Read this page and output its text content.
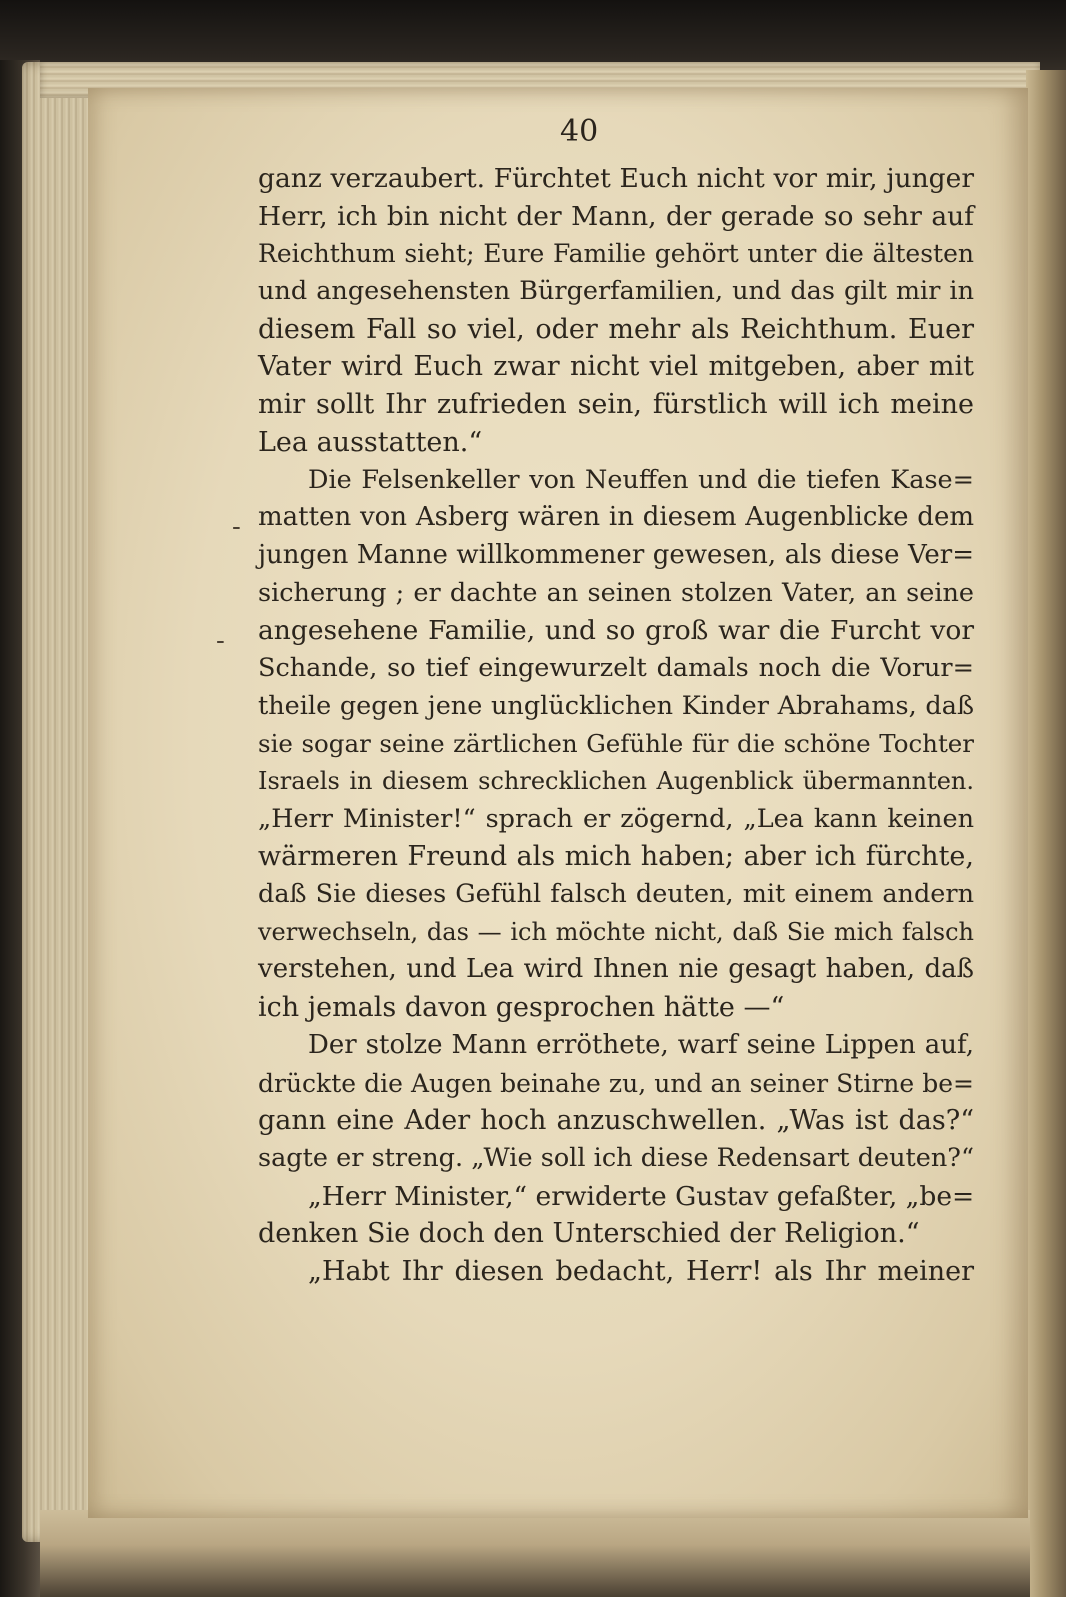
40
-
-
ganz verzaubert. Fürchtet Euch nicht vor mir, junger
Herr, ich bin nicht der Mann, der gerade so sehr auf
Reichthum sieht; Eure Familie gehört unter die ältesten
und angesehensten Bürgerfamilien, und das gilt mir in
diesem Fall so viel, oder mehr als Reichthum. Euer
Vater wird Euch zwar nicht viel mitgeben, aber mit
mir sollt Ihr zufrieden sein, fürstlich will ich meine
Lea ausstatten.“
Die Felsenkeller von Neuffen und die tiefen Kase=
matten von Asberg wären in diesem Augenblicke dem
jungen Manne willkommener gewesen, als diese Ver=
sicherung ; er dachte an seinen stolzen Vater, an seine
angesehene Familie, und so groß war die Furcht vor
Schande, so tief eingewurzelt damals noch die Vorur=
theile gegen jene unglücklichen Kinder Abrahams, daß
sie sogar seine zärtlichen Gefühle für die schöne Tochter
Israels in diesem schrecklichen Augenblick übermannten.
„Herr Minister!“ sprach er zögernd, „Lea kann keinen
wärmeren Freund als mich haben; aber ich fürchte,
daß Sie dieses Gefühl falsch deuten, mit einem andern
verwechseln, das — ich möchte nicht, daß Sie mich falsch
verstehen, und Lea wird Ihnen nie gesagt haben, daß
ich jemals davon gesprochen hätte —“
Der stolze Mann erröthete, warf seine Lippen auf,
drückte die Augen beinahe zu, und an seiner Stirne be=
gann eine Ader hoch anzuschwellen. „Was ist das?“
sagte er streng. „Wie soll ich diese Redensart deuten?“
„Herr Minister,“ erwiderte Gustav gefaßter, „be=
denken Sie doch den Unterschied der Religion.“
„Habt Ihr diesen bedacht, Herr! als Ihr meiner
